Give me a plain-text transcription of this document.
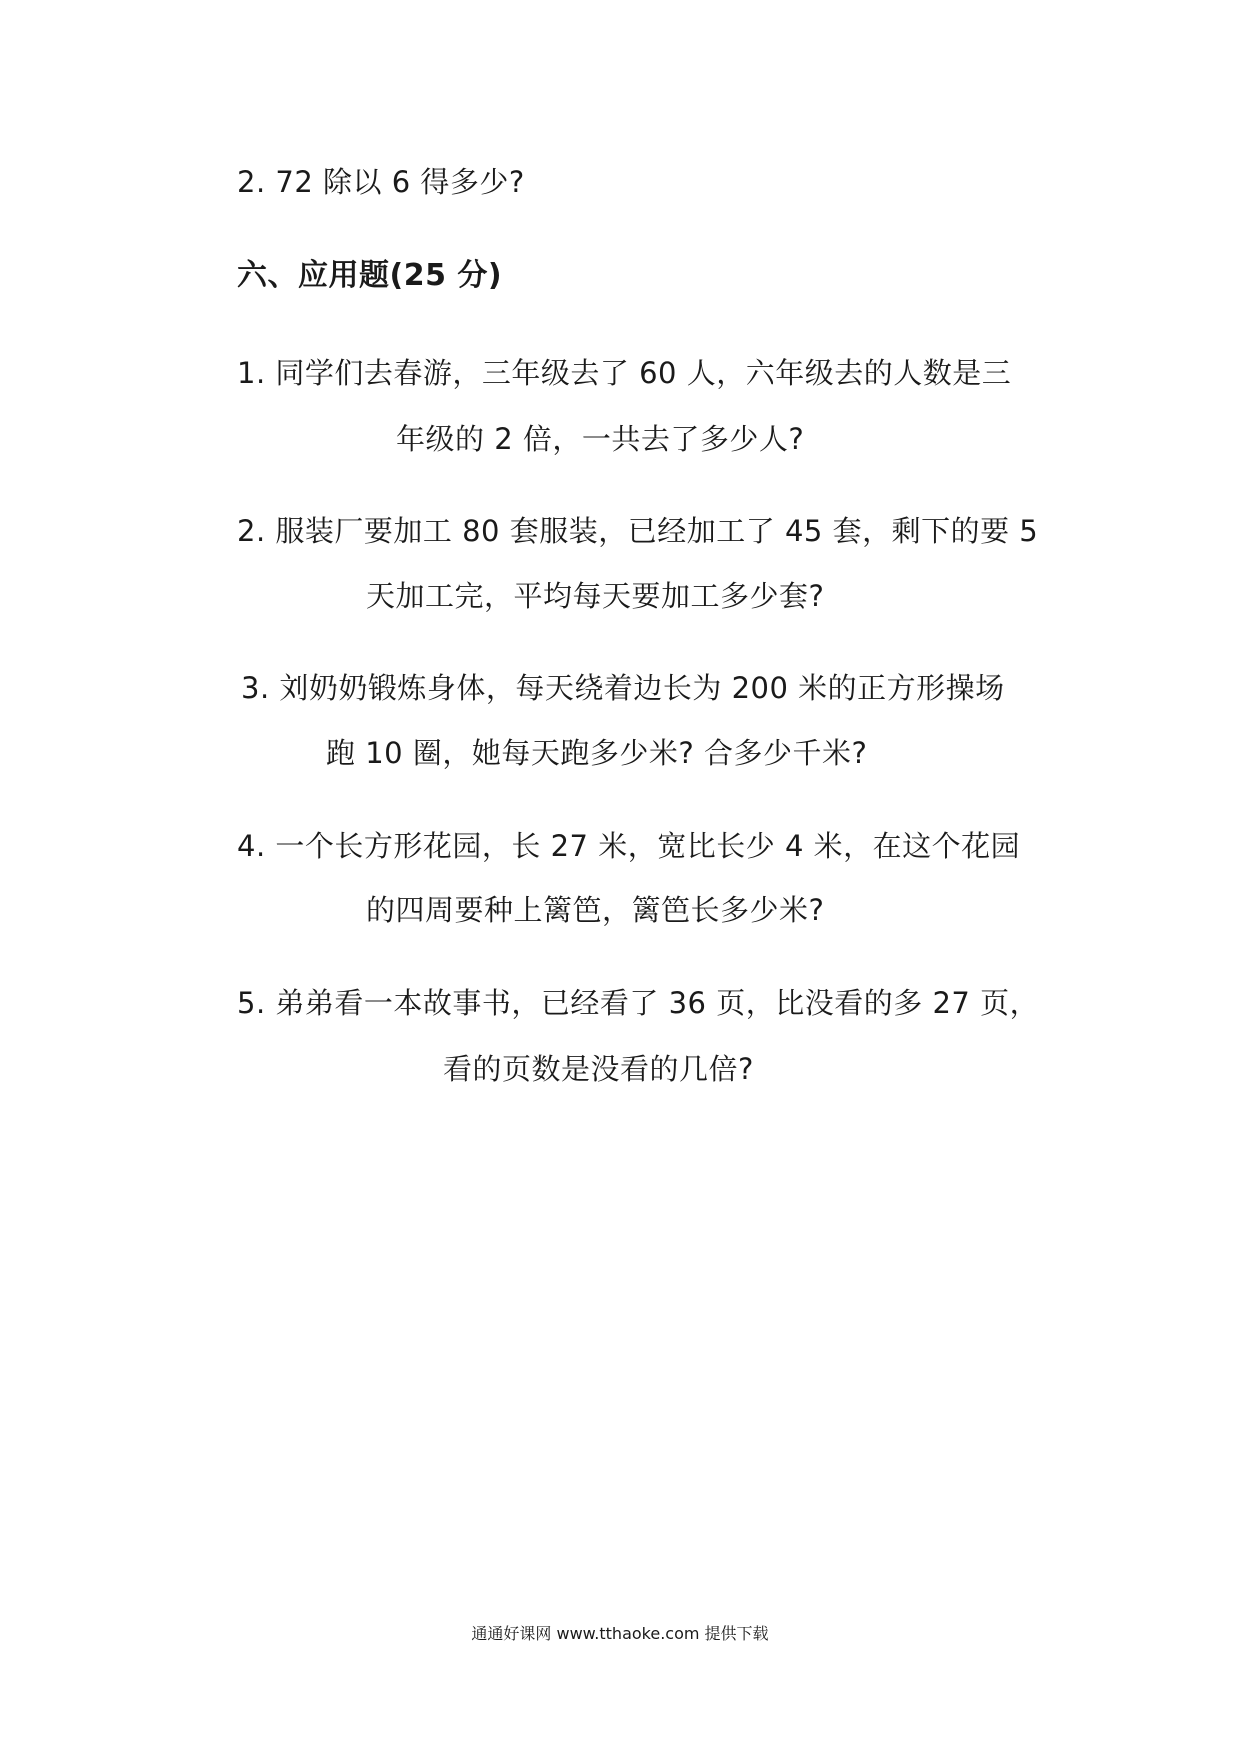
2. 72 除以 6 得多少?
六、应用题(25 分)
1. 同学们去春游，三年级去了 60 人，六年级去的人数是三
年级的 2 倍，一共去了多少人?
2. 服装厂要加工 80 套服装，已经加工了 45 套，剩下的要 5
天加工完，平均每天要加工多少套?
3. 刘奶奶锻炼身体，每天绕着边长为 200 米的正方形操场
跑 10 圈，她每天跑多少米? 合多少千米?
4. 一个长方形花园，长 27 米，宽比长少 4 米，在这个花园
的四周要种上篱笆，篱笆长多少米?
5. 弟弟看一本故事书，已经看了 36 页，比没看的多 27 页，
看的页数是没看的几倍?
通通好课网 www.tthaoke.com 提供下载
